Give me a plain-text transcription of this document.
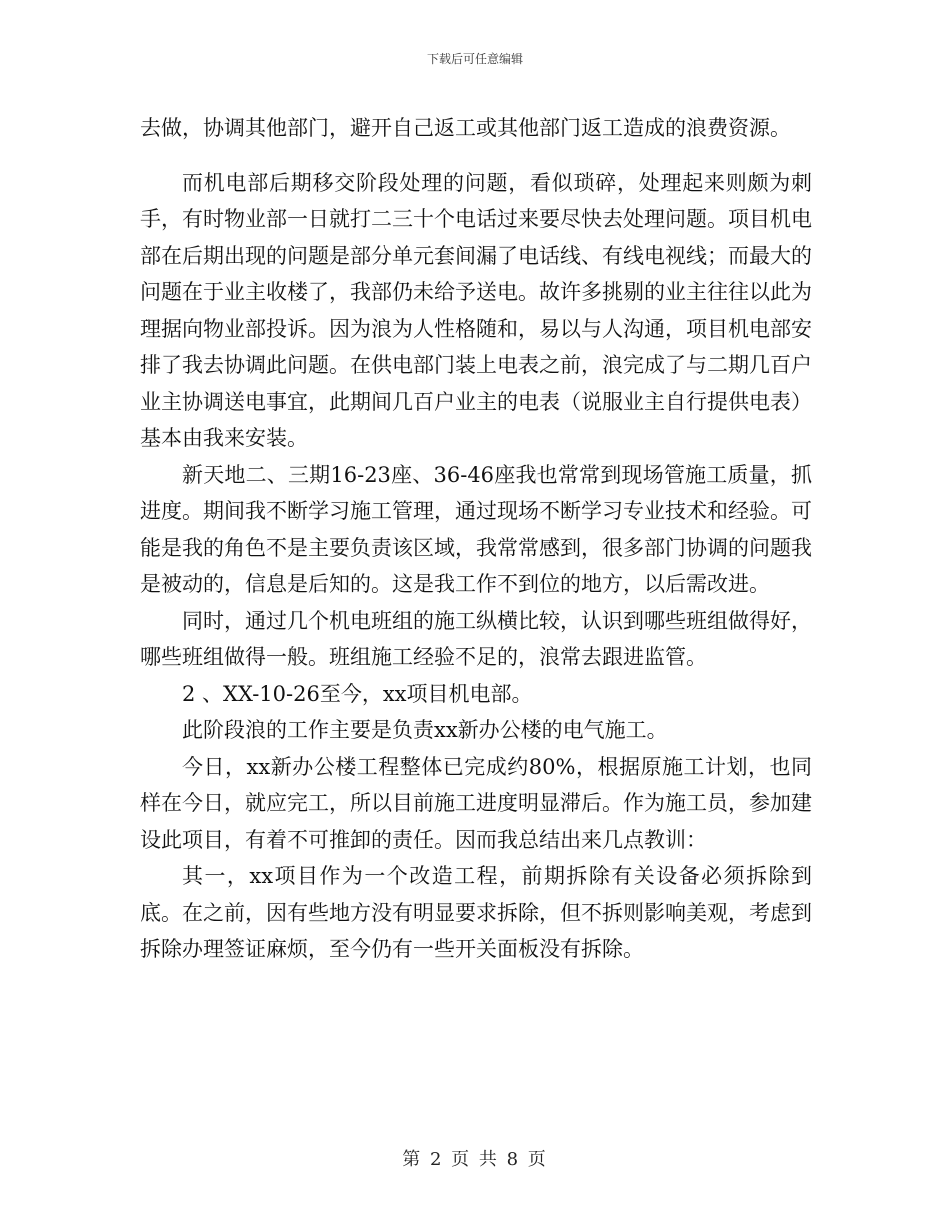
下载后可任意编辑

去做，协调其他部门，避开自己返工或其他部门返工造成的浪费资源。

而机电部后期移交阶段处理的问题，看似琐碎，处理起来则颇为刺手，有时物业部一日就打二三十个电话过来要尽快去处理问题。项目机电部在后期出现的问题是部分单元套间漏了电话线、有线电视线；而最大的问题在于业主收楼了，我部仍未给予送电。故许多挑剔的业主往往以此为理据向物业部投诉。因为浪为人性格随和，易以与人沟通，项目机电部安排了我去协调此问题。在供电部门装上电表之前，浪完成了与二期几百户业主协调送电事宜，此期间几百户业主的电表（说服业主自行提供电表）基本由我来安装。

新天地二、三期16-23座、36-46座我也常常到现场管施工质量，抓进度。期间我不断学习施工管理，通过现场不断学习专业技术和经验。可能是我的角色不是主要负责该区域，我常常感到，很多部门协调的问题我是被动的，信息是后知的。这是我工作不到位的地方，以后需改进。

同时，通过几个机电班组的施工纵横比较，认识到哪些班组做得好，哪些班组做得一般。班组施工经验不足的，浪常去跟进监管。

2 、XX-10-26至今，xx项目机电部。

此阶段浪的工作主要是负责xx新办公楼的电气施工。

今日，xx新办公楼工程整体已完成约80%，根据原施工计划，也同样在今日，就应完工，所以目前施工进度明显滞后。作为施工员，参加建设此项目，有着不可推卸的责任。因而我总结出来几点教训：

其一，xx项目作为一个改造工程，前期拆除有关设备必须拆除到底。在之前，因有些地方没有明显要求拆除，但不拆则影响美观，考虑到拆除办理签证麻烦，至今仍有一些开关面板没有拆除。

第 2 页 共 8 页
